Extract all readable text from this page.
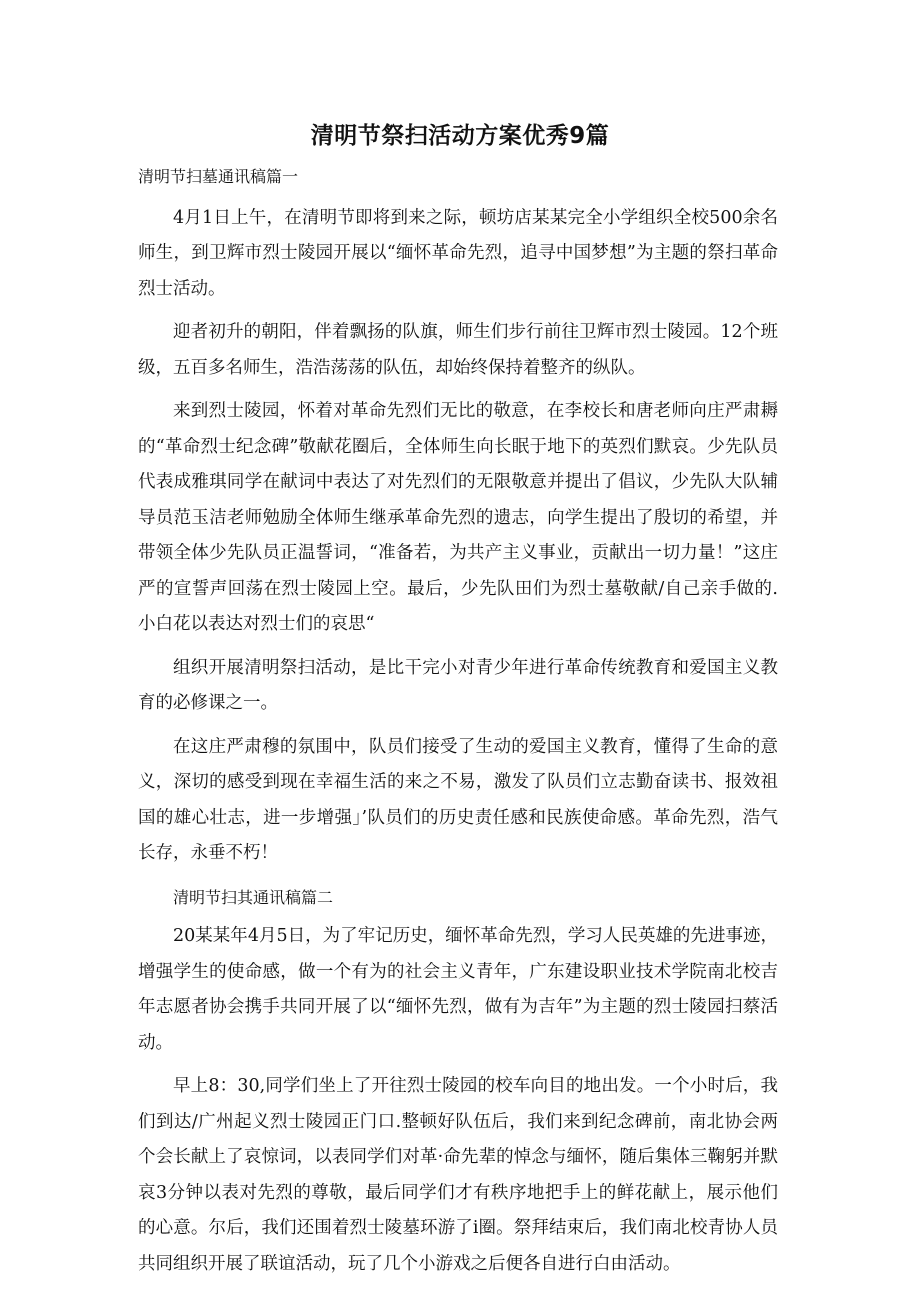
清明节祭扫活动方案优秀9篇

清明节扫墓通讯稿篇一

4月1日上午，在清明节即将到来之际，顿坊店某某完全小学组织全校500余名师生，到卫辉市烈士陵园开展以“缅怀革命先烈，追寻中国梦想”为主题的祭扫革命烈士活动。

迎者初升的朝阳，伴着飘扬的队旗，师生们步行前往卫辉市烈士陵园。12个班级，五百多名师生，浩浩荡荡的队伍，却始终保持着整齐的纵队。

来到烈士陵园，怀着对革命先烈们无比的敬意，在李校长和唐老师向庄严肃耨的“革命烈士纪念碑”敬献花圈后，全体师生向长眠于地下的英烈们默哀。少先队员代表成雅琪同学在献词中表达了对先烈们的无限敬意并提出了倡议，少先队大队辅导员范玉洁老师勉励全体师生继承革命先烈的遗志，向学生提出了殷切的希望，并带领全体少先队员正温誓词，“准备若，为共产主义事业，贡献出一切力量！”这庄严的宣誓声回荡在烈士陵园上空。最后，少先队田们为烈士墓敬献/自己亲手做的.小白花以表达对烈士们的哀思“

组织开展清明祭扫活动，是比干完小对青少年进行革命传统教育和爱国主义教育的必修课之一。

在这庄严肃穆的氛围中，队员们接受了生动的爱国主义教育，懂得了生命的意义，深切的感受到现在幸福生活的来之不易，激发了队员们立志勤奋读书、报效祖国的雄心壮志，进一步增强」’队员们的历史责任感和民族使命感。革命先烈，浩气长存，永垂不朽！

清明节扫其通讯稿篇二

20某某年4月5日，为了牢记历史，缅怀革命先烈，学习人民英雄的先进事迹，增强学生的使命感，做一个有为的社会主义青年，广东建设职业技术学院南北校吉年志愿者协会携手共同开展了以“缅怀先烈，做有为吉年”为主题的烈士陵园扫蔡活动。

早上8：30,同学们坐上了开往烈士陵园的校车向目的地出发。一个小时后，我们到达/广州起义烈士陵园正门口.整顿好队伍后，我们来到纪念碑前，南北协会两个会长献上了哀惊词，以表同学们对革·命先辈的悼念与缅怀，随后集体三鞠躬并默哀3分钟以表对先烈的尊敬，最后同学们才有秩序地把手上的鲜花献上，展示他们的心意。尔后，我们还围着烈士陵墓环游了i圈。祭拜结束后，我们南北校青协人员共同组织开展了联谊活动，玩了几个小游戏之后便各自进行白由活动。
